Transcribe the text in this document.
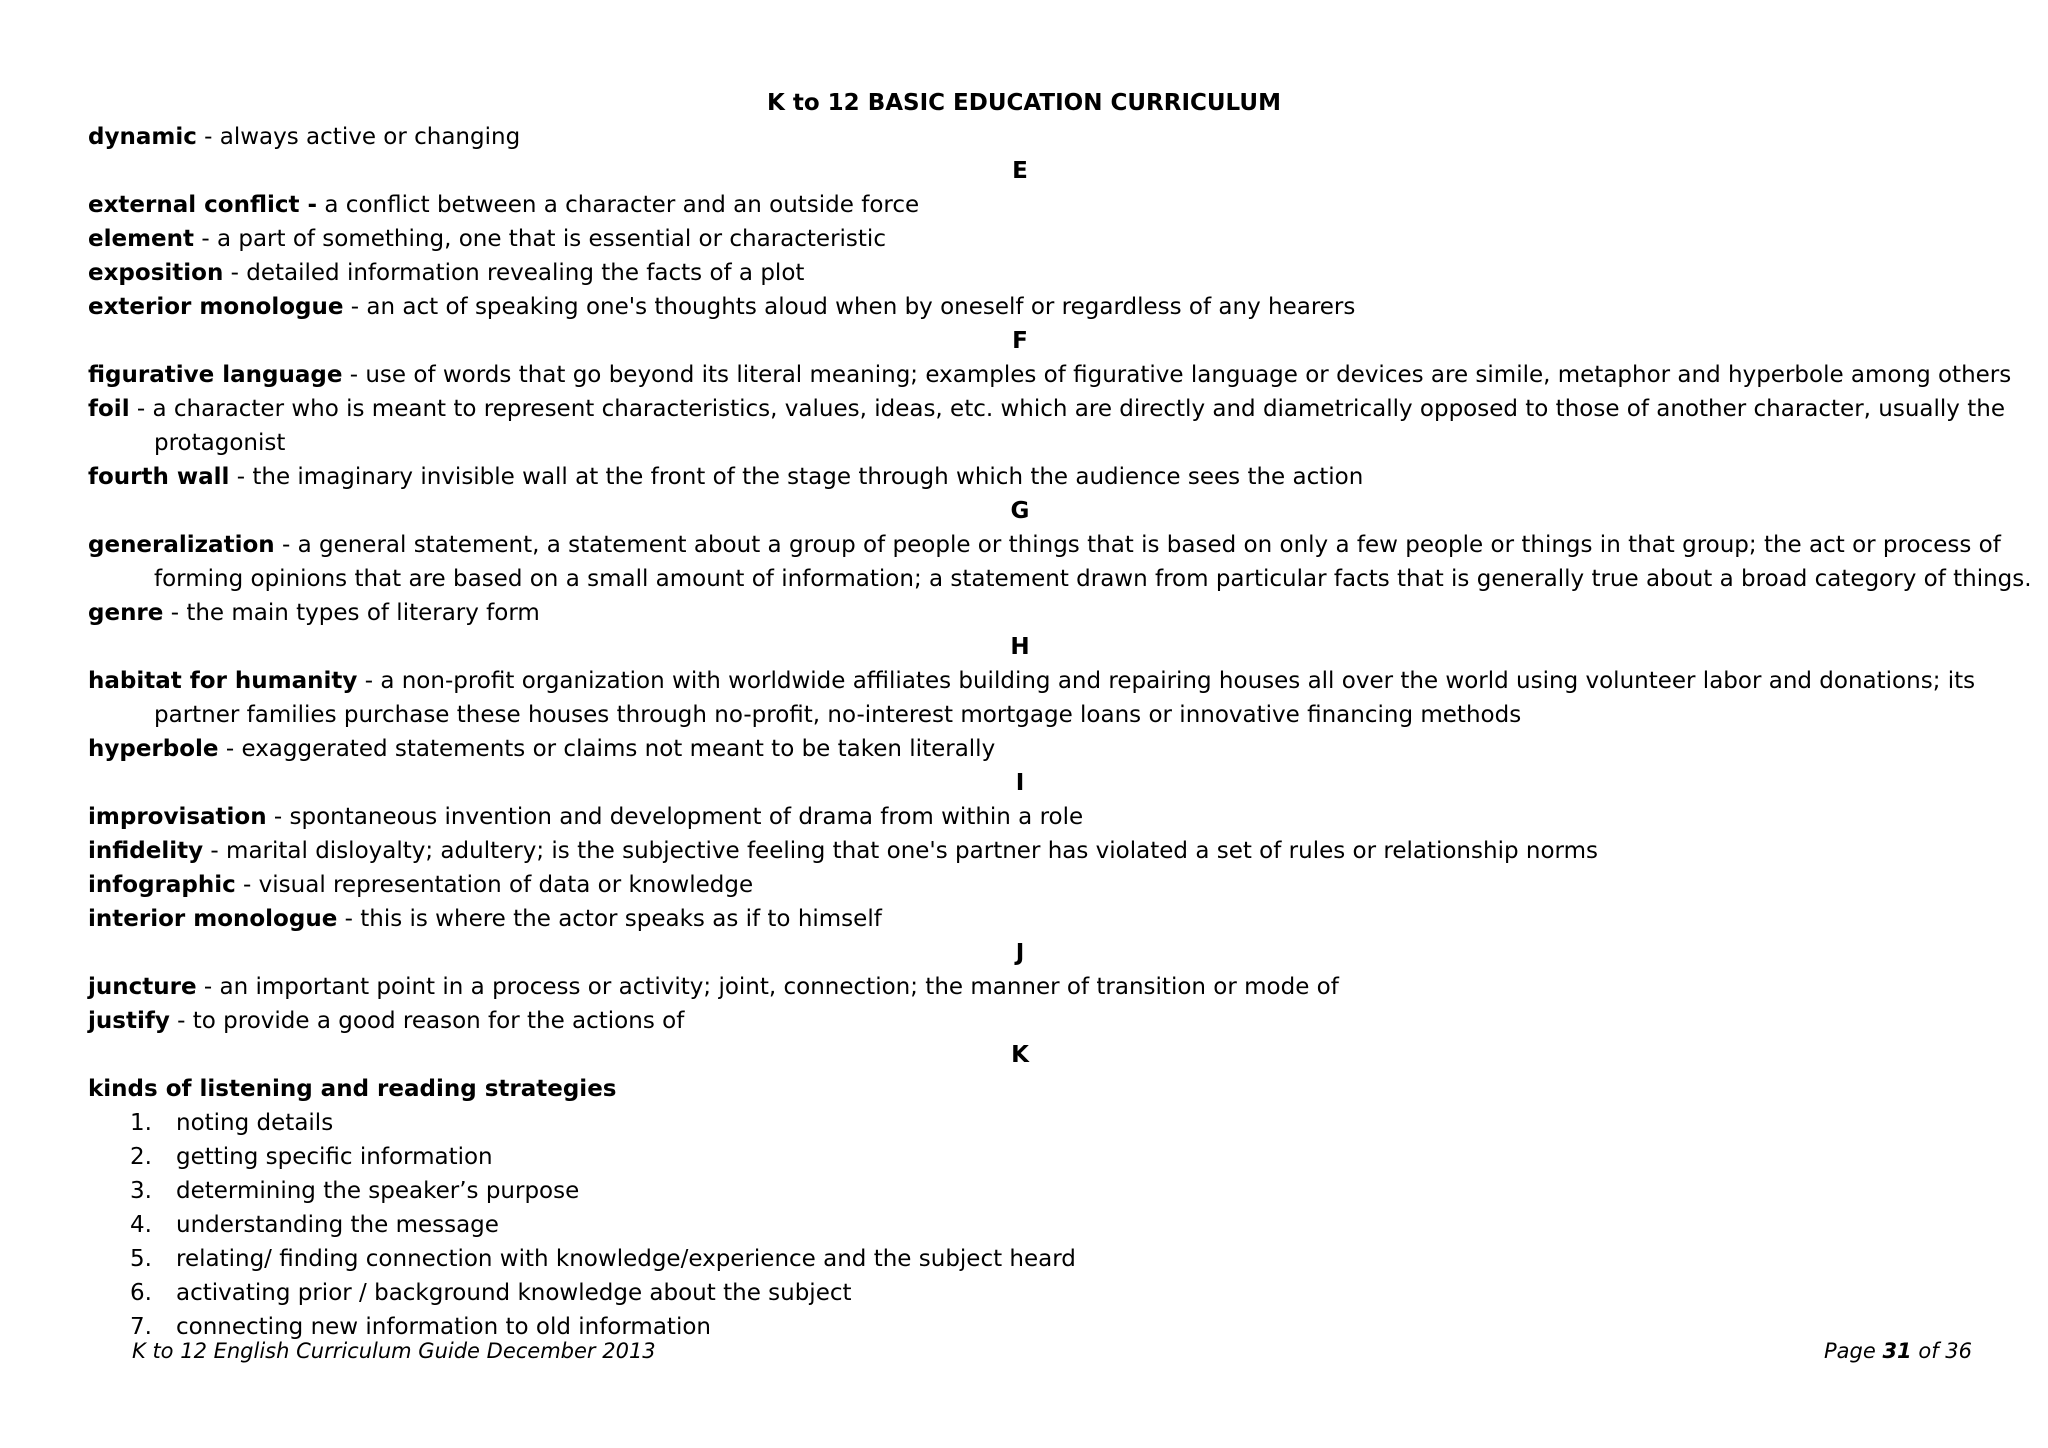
K to 12 BASIC EDUCATION CURRICULUM
dynamic - always active or changing
E
external conflict - a conflict between a character and an outside force
element - a part of something, one that is essential or characteristic
exposition - detailed information revealing the facts of a plot
exterior monologue - an act of speaking one's thoughts aloud when by oneself or regardless of any hearers
F
figurative language - use of words that go beyond its literal meaning; examples of figurative language or devices are simile, metaphor and hyperbole among others
foil - a character who is meant to represent characteristics, values, ideas, etc. which are directly and diametrically opposed to those of another character, usually the protagonist
fourth wall - the imaginary invisible wall at the front of the stage through which the audience sees the action
G
generalization - a general statement, a statement about a group of people or things that is based on only a few people or things in that group; the act or process of forming opinions that are based on a small amount of information; a statement drawn from particular facts that is generally true about a broad category of things.
genre - the main types of literary form
H
habitat for humanity - a non-profit organization with worldwide affiliates building and repairing houses all over the world using volunteer labor and donations; its partner families purchase these houses through no-profit, no-interest mortgage loans or innovative financing methods
hyperbole - exaggerated statements or claims not meant to be taken literally
I
improvisation - spontaneous invention and development of drama from within a role
infidelity - marital disloyalty; adultery; is the subjective feeling that one's partner has violated a set of rules or relationship norms
infographic - visual representation of data or knowledge
interior monologue - this is where the actor speaks as if to himself
J
juncture - an important point in a process or activity; joint, connection; the manner of transition or mode of
justify - to provide a good reason for the actions of
K
kinds of listening and reading strategies
1.	noting details
2.	getting specific information
3.	determining the speaker’s purpose
4.	understanding the message
5.	relating/ finding connection with knowledge/experience and the subject heard
6.	activating prior / background knowledge about the subject
7.	connecting new information to old information
K to 12 English Curriculum Guide December 2013	Page 31 of 36
